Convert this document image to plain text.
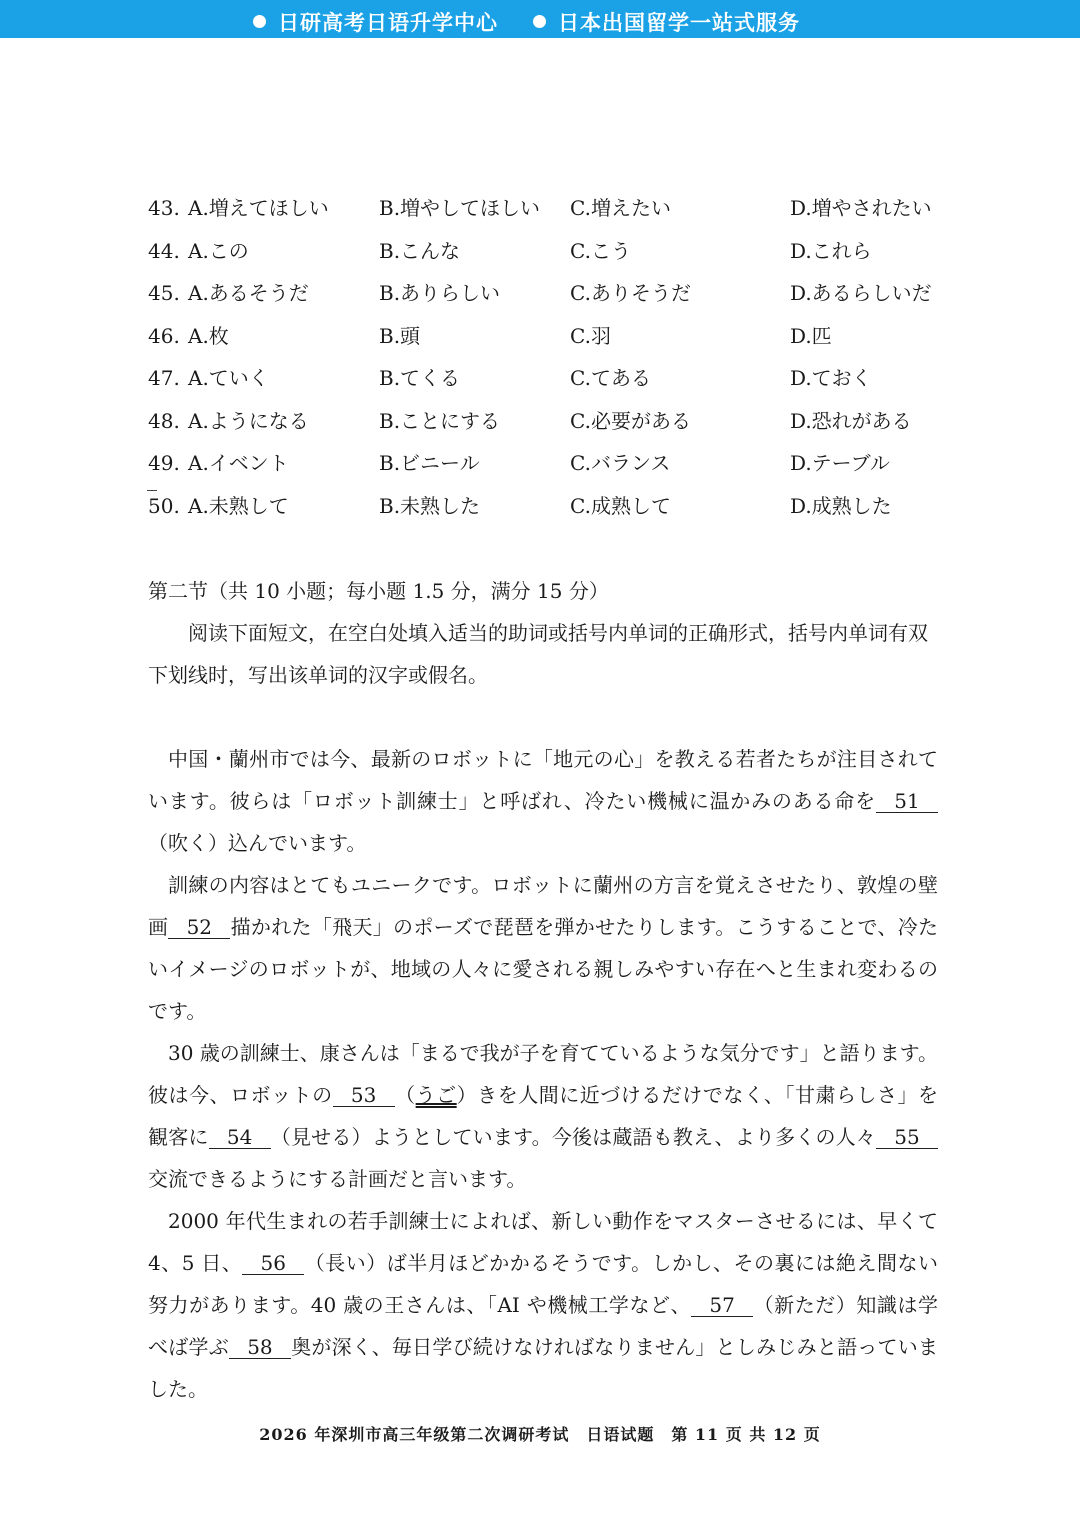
日研高考日语升学中心	日本出国留学一站式服务
43. A.増えてほしい	B.増やしてほしい C.増えたい	D.増やされたい
44. A.この	B.こんな	C.こう	D.これら
45. A.あるそうだ	B.ありらしい	C.ありそうだ	D.あるらしいだ
46. A.枚	B.頭	C.羽	D.匹
47. A.ていく	B.てくる	C.てある	D.ておく
48. A.ようになる	B.ことにする	C.必要がある	D.恐れがある
49. A.イベント	B.ビニール	C.バランス	D.テーブル
50. A.未熟して	B.未熟した	C.成熟して	D.成熟した
第二节（共 10 小题；每小题 1.5 分，满分 15 分）

阅读下面短文，在空白处填入适当的助词或括号内单词的正确形式，括号内单词有双下划线时，写出该单词的汉字或假名。

中国・蘭州市では今、最新のロボットに「地元の心」を教える若者たちが注目されています。彼らは「ロボット訓練士」と呼ばれ、冷たい機械に温かみのある命を 51（吹く）込んでいます。

訓練の内容はとてもユニークです。ロボットに蘭州の方言を覚えさせたり、敦煌の壁画 52 描かれた「飛天」のポーズで琵琶を弾かせたりします。こうすることで、冷たいイメージのロボットが、地域の人々に愛される親しみやすい存在へと生まれ変わるのです。

30 歳の訓練士、康さんは「まるで我が子を育てているような気分です」と語ります。彼は今、ロボットの 53 （うご）きを人間に近づけるだけでなく、「甘粛らしさ」を観客に 54 （見せる）ようとしています。今後は蔵語も教え、より多くの人々 55交流できるようにする計画だと言います。

2000 年代生まれの若手訓練士によれば、新しい動作をマスターさせるには、早くて 4、5 日、 56 （長い）ば半月ほどかかるそうです。しかし、その裏には絶え間ない努力があります。40 歳の王さんは、「AI や機械工学など、 57 （新ただ）知識は学べば学ぶ 58 奥が深く、毎日学び続けなければなりません」としみじみと語っていました。

2026 年深圳市高三年级第二次调研考试　日语试题　第 11 页 共 12 页
